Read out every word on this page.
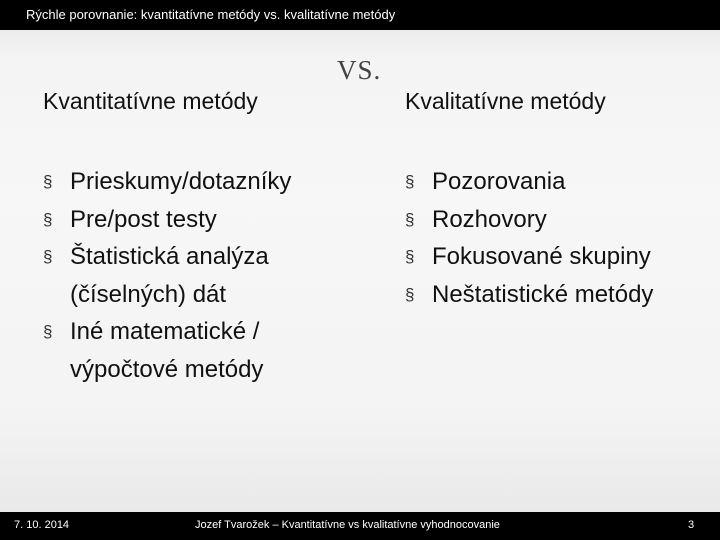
Rýchle porovnanie: kvantitatívne metódy vs. kvalitatívne metódy
VS.
Kvantitatívne metódy
§ Prieskumy/dotazníky
§ Pre/post testy
§ Štatistická analýza (číselných) dát
§ Iné matematické / výpočtové metódy
Kvalitatívne metódy
§ Pozorovania
§ Rozhovory
§ Fokusované skupiny
§ Neštatistické metódy
7. 10. 2014	Jozef Tvarožek – Kvantitatívne vs kvalitatívne vyhodnocovanie	3
